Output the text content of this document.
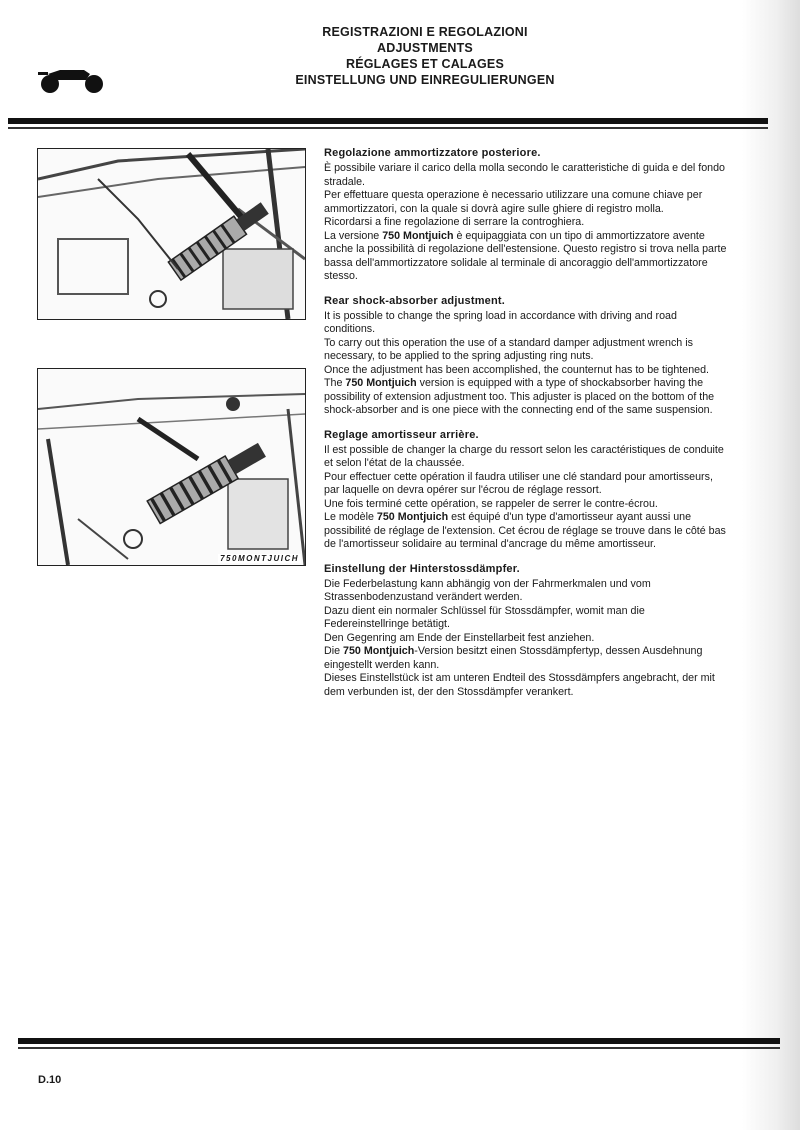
REGISTRAZIONI E REGOLAZIONI
ADJUSTMENTS
RÉGLAGES ET CALAGES
EINSTELLUNG UND EINREGULIERUNGEN
750MONTJUICH
Regolazione ammortizzatore posteriore.

È possibile variare il carico della molla secondo le caratteristiche di guida e del fondo stradale.

Per effettuare questa operazione è necessario utilizzare una comune chiave per ammortizzatori, con la quale si dovrà agire sulle ghiere di registro molla.

Ricordarsi a fine regolazione di serrare la controghiera.

La versione 750 Montjuich è equipaggiata con un tipo di ammortizzatore avente anche la possibilità di regolazione dell'estensione. Questo registro si trova nella parte bassa dell'ammortizzatore solidale al terminale di ancoraggio dell'ammortizzatore stesso.

Rear shock-absorber adjustment.

It is possible to change the spring load in accordance with driving and road conditions.

To carry out this operation the use of a standard damper adjustment wrench is necessary, to be applied to the spring adjusting ring nuts.

Once the adjustment has been accomplished, the counternut has to be tightened.

The 750 Montjuich version is equipped with a type of shockabsorber having the possibility of extension adjustment too. This adjuster is placed on the bottom of the shock-absorber and is one piece with the connecting end of the same suspension.

Reglage amortisseur arrière.

Il est possible de changer la charge du ressort selon les caractéristiques de conduite et selon l'état de la chaussée.

Pour effectuer cette opération il faudra utiliser une clé standard pour amortisseurs, par laquelle on devra opérer sur l'écrou de réglage ressort.

Une fois terminé cette opération, se rappeler de serrer le contre-écrou.

Le modèle 750 Montjuich est équipé d'un type d'amortisseur ayant aussi une possibilité de réglage de l'extension. Cet écrou de réglage se trouve dans le côté bas de l'amortisseur solidaire au terminal d'ancrage du même amortisseur.

Einstellung der Hinterstossdämpfer.

Die Federbelastung kann abhängig von der Fahrmerkmalen und vom Strassenbodenzustand verändert werden.

Dazu dient ein normaler Schlüssel für Stossdämpfer, womit man die Federeinstellringe betätigt.

Den Gegenring am Ende der Einstellarbeit fest anziehen.

Die 750 Montjuich-Version besitzt einen Stossdämpfertyp, dessen Ausdehnung eingestellt werden kann.

Dieses Einstellstück ist am unteren Endteil des Stossdämpfers angebracht, der mit dem verbunden ist, der den Stossdämpfer verankert.

D.10
